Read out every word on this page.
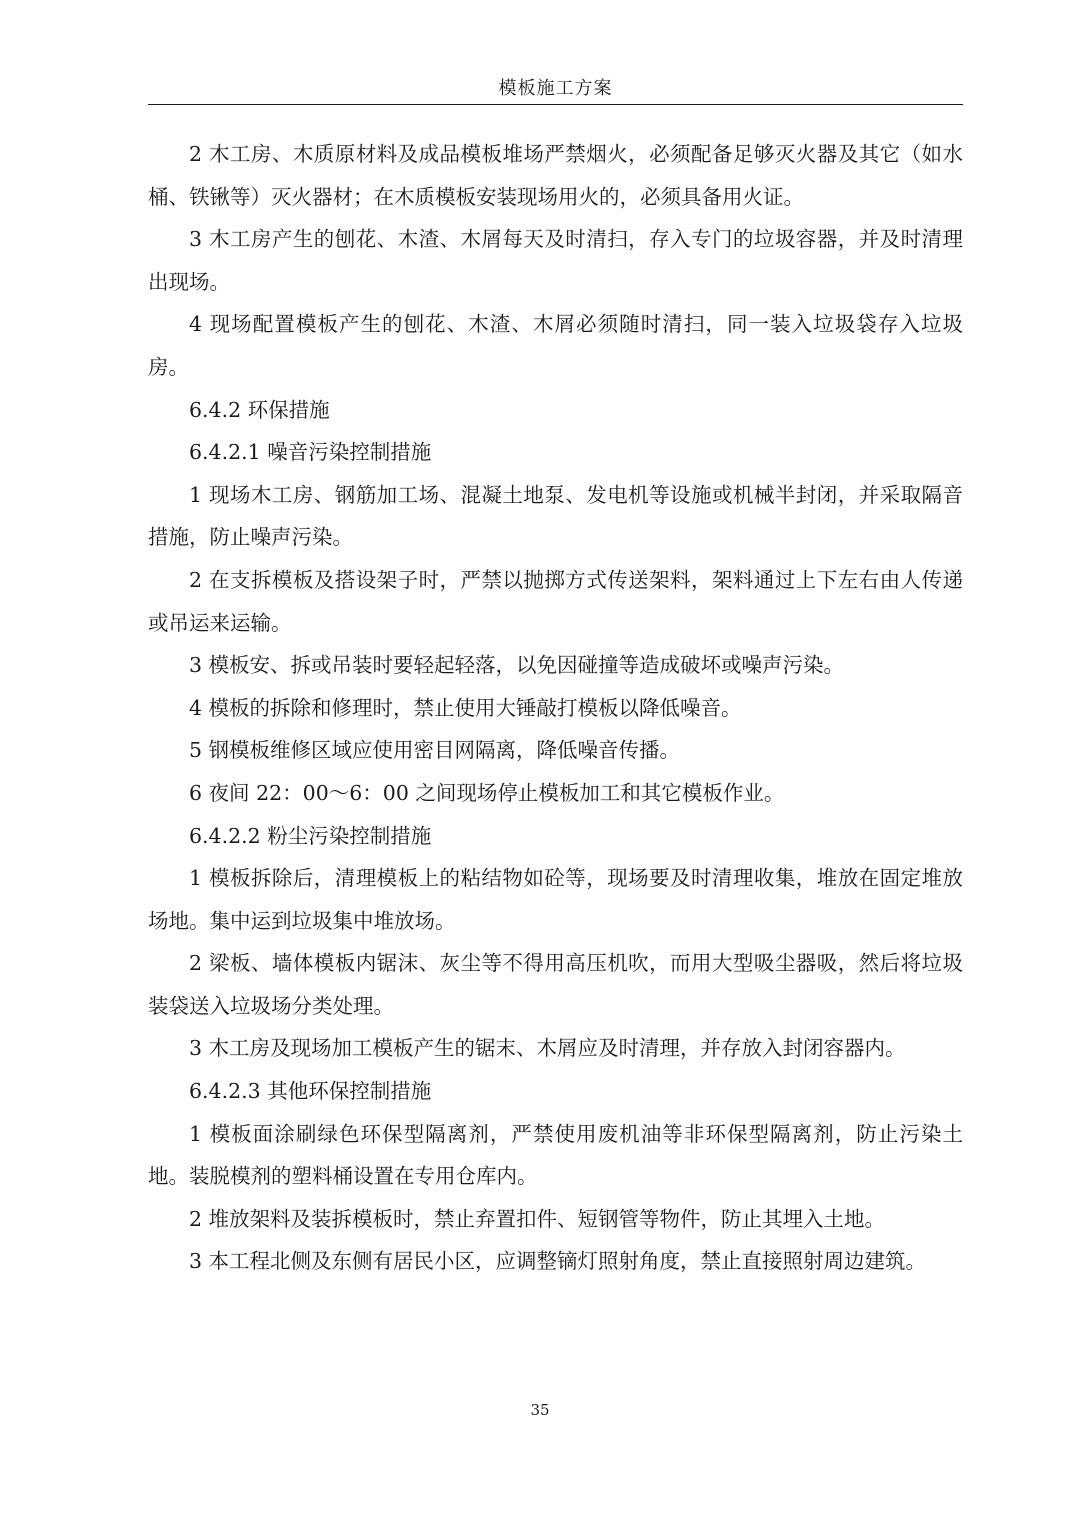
模板施工方案

2 木工房、木质原材料及成品模板堆场严禁烟火，必须配备足够灭火器及其它（如水桶、铁锹等）灭火器材；在木质模板安装现场用火的，必须具备用火证。

3 木工房产生的刨花、木渣、木屑每天及时清扫，存入专门的垃圾容器，并及时清理出现场。

4 现场配置模板产生的刨花、木渣、木屑必须随时清扫，同一装入垃圾袋存入垃圾房。

6.4.2 环保措施

6.4.2.1 噪音污染控制措施

1 现场木工房、钢筋加工场、混凝土地泵、发电机等设施或机械半封闭，并采取隔音措施，防止噪声污染。

2 在支拆模板及搭设架子时，严禁以抛掷方式传送架料，架料通过上下左右由人传递或吊运来运输。

3 模板安、拆或吊装时要轻起轻落，以免因碰撞等造成破坏或噪声污染。

4 模板的拆除和修理时，禁止使用大锤敲打模板以降低噪音。

5 钢模板维修区域应使用密目网隔离，降低噪音传播。

6 夜间 22：00～6：00 之间现场停止模板加工和其它模板作业。

6.4.2.2 粉尘污染控制措施

1 模板拆除后，清理模板上的粘结物如砼等，现场要及时清理收集，堆放在固定堆放场地。集中运到垃圾集中堆放场。

2 梁板、墙体模板内锯沫、灰尘等不得用高压机吹，而用大型吸尘器吸，然后将垃圾装袋送入垃圾场分类处理。

3 木工房及现场加工模板产生的锯末、木屑应及时清理，并存放入封闭容器内。

6.4.2.3 其他环保控制措施

1 模板面涂刷绿色环保型隔离剂，严禁使用废机油等非环保型隔离剂，防止污染土地。装脱模剂的塑料桶设置在专用仓库内。

2 堆放架料及装拆模板时，禁止弃置扣件、短钢管等物件，防止其埋入土地。

3 本工程北侧及东侧有居民小区，应调整镝灯照射角度，禁止直接照射周边建筑。

35
